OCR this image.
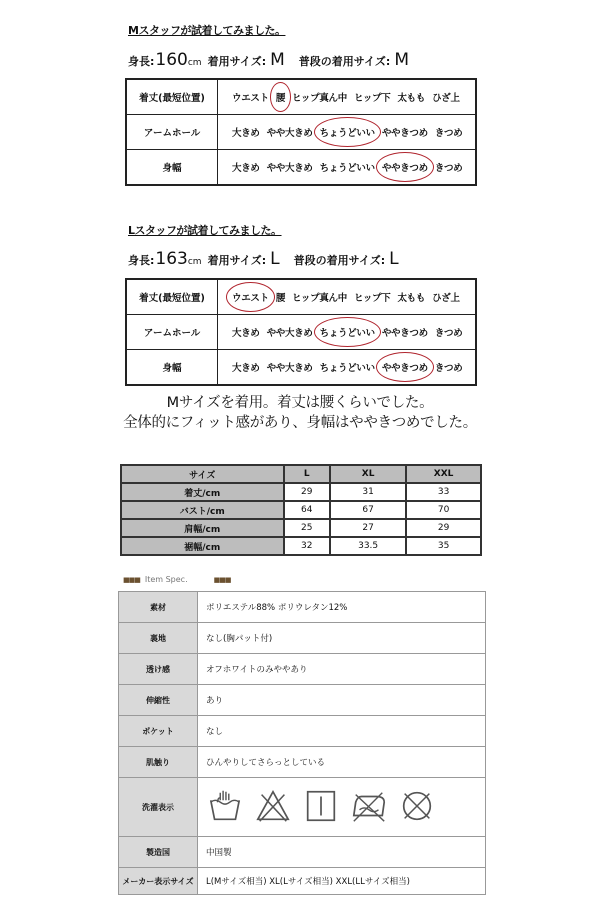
Mスタッフが試着してみました。
身長: 160 cm 着用サイズ: M 普段の着用サイズ: M
着丈(最短位置)	ウエスト 腰 ヒップ真ん中 ヒップ下 太もも ひざ上
アームホール	大きめ やや大きめ ちょうどいい ややきつめ きつめ
身幅	大きめ やや大きめ ちょうどいい ややきつめ きつめ
Lスタッフが試着してみました。
身長: 163 cm 着用サイズ: L 普段の着用サイズ: L
着丈(最短位置)	ウエスト 腰 ヒップ真ん中 ヒップ下 太もも ひざ上
アームホール	大きめ やや大きめ ちょうどいい ややきつめ きつめ
身幅	大きめ やや大きめ ちょうどいい ややきつめ きつめ
Mサイズを着用。着丈は腰くらいでした。
全体的にフィット感があり、身幅はややきつめでした。
サイズ	L	XL	XXL
着丈/cm	29	31	33
バスト/cm	64	67	70
肩幅/cm	25	27	29
裾幅/cm	32	33.5	35
■■■ Item Spec.	■■■
素材	ポリエステル88% ポリウレタン12%
裏地	なし(胸パット付)
透け感	オフホワイトのみややあり
伸縮性	あり
ポケット	なし
肌触り	ひんやりしてさらっとしている
洗濯表示	

製造国	中国製
メーカー表示サイズ	L(Mサイズ相当) XL(Lサイズ相当) XXL(LLサイズ相当)
